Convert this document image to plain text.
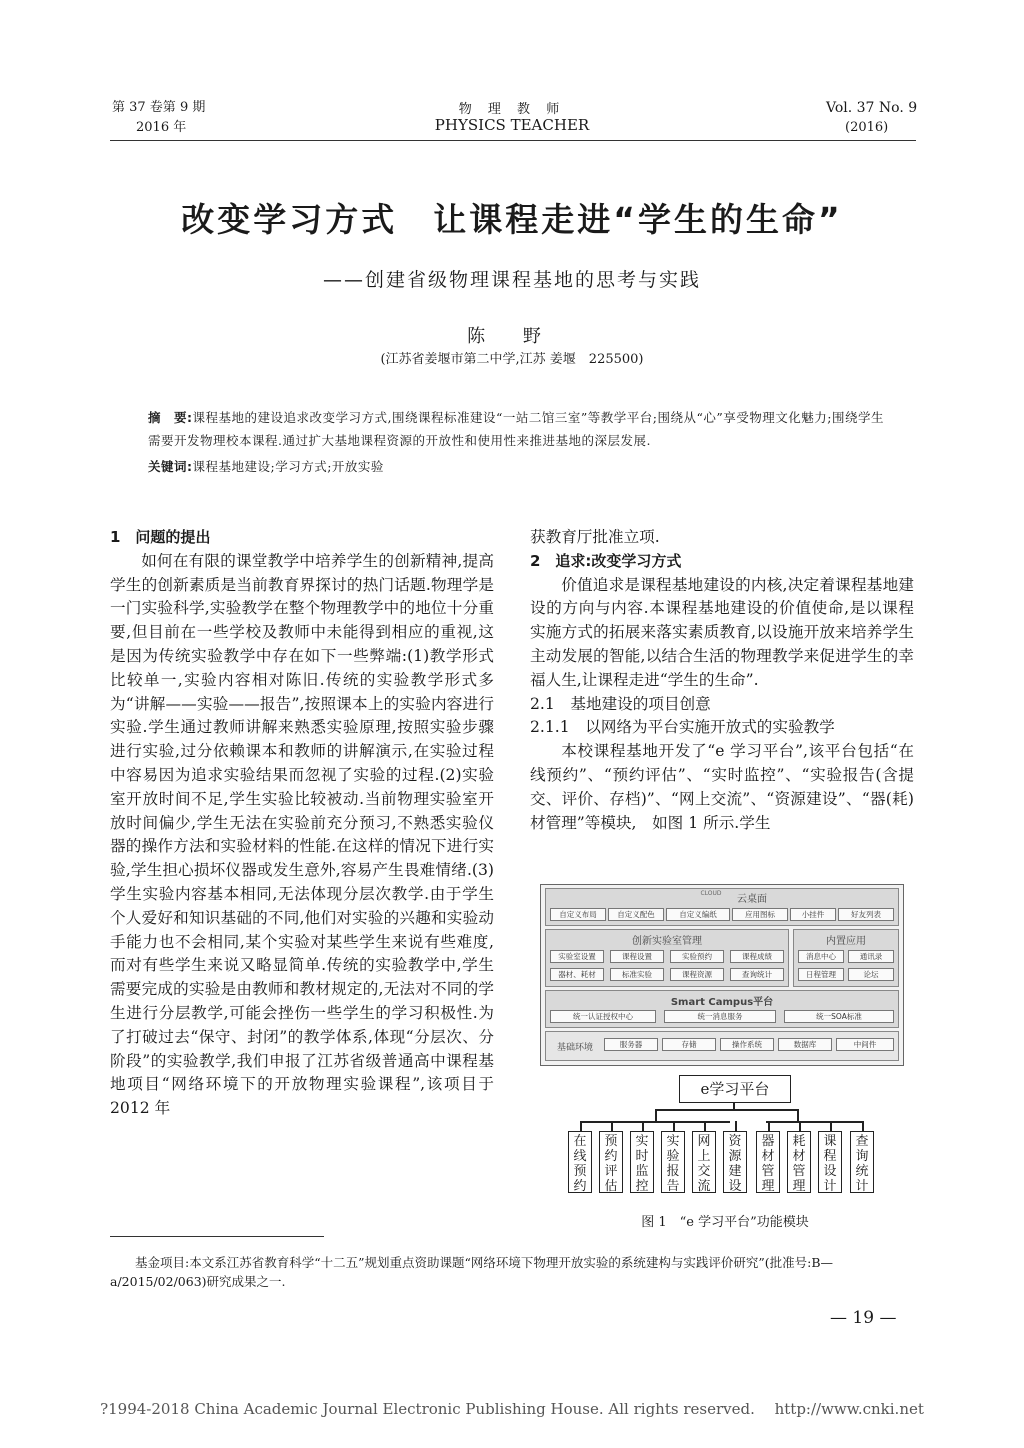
第 37 卷第 9 期
2016 年
物 理 教 师
PHYSICS TEACHER
Vol. 37 No. 9
(2016)
改变学习方式　让课程走进“学生的生命”
——创建省级物理课程基地的思考与实践
陈 野
(江苏省姜堰市第二中学,江苏 姜堰　225500)
摘　要:课程基地的建设追求改变学习方式,围绕课程标准建设“一站二馆三室”等教学平台;围绕从“心”享受物理文化魅力;围绕学生需要开发物理校本课程.通过扩大基地课程资源的开放性和使用性来推进基地的深层发展.
关键词:课程基地建设;学习方式;开放实验

1　问题的提出

如何在有限的课堂教学中培养学生的创新精神,提高学生的创新素质是当前教育界探讨的热门话题.物理学是一门实验科学,实验教学在整个物理教学中的地位十分重要,但目前在一些学校及教师中未能得到相应的重视,这是因为传统实验教学中存在如下一些弊端:(1)教学形式比较单一,实验内容相对陈旧.传统的实验教学形式多为“讲解——实验——报告”,按照课本上的实验内容进行实验.学生通过教师讲解来熟悉实验原理,按照实验步骤进行实验,过分依赖课本和教师的讲解演示,在实验过程中容易因为追求实验结果而忽视了实验的过程.(2)实验室开放时间不足,学生实验比较被动.当前物理实验室开放时间偏少,学生无法在实验前充分预习,不熟悉实验仪器的操作方法和实验材料的性能.在这样的情况下进行实验,学生担心损坏仪器或发生意外,容易产生畏难情绪.(3)学生实验内容基本相同,无法体现分层次教学.由于学生个人爱好和知识基础的不同,他们对实验的兴趣和实验动手能力也不会相同,某个实验对某些学生来说有些难度,而对有些学生来说又略显简单.传统的实验教学中,学生需要完成的实验是由教师和教材规定的,无法对不同的学生进行分层教学,可能会挫伤一些学生的学习积极性.为了打破过去“保守、封闭”的教学体系,体现“分层次、分阶段”的实验教学,我们申报了江苏省级普通高中课程基地项目“网络环境下的开放物理实验课程”,该项目于 2012 年

获教育厅批准立项.

2　追求:改变学习方式

价值追求是课程基地建设的内核,决定着课程基地建设的方向与内容.本课程基地建设的价值使命,是以课程实施方式的拓展来落实素质教育,以设施开放来培养学生主动发展的智能,以结合生活的物理教学来促进学生的幸福人生,让课程走进“学生的生命”.

2.1　基地建设的项目创意

2.1.1　以网络为平台实施开放式的实验教学

本校课程基地开发了“e 学习平台”,该平台包括“在线预约”、“预约评估”、“实时监控”、“实验报告(含提交、评价、存档)”、“网上交流”、“资源建设”、“器(耗)材管理”等模块,　如图 1 所示.学生

CLOUD
云桌面
自定义布局	自定义配色	自定义编纸	应用图标	小挂件	好友列表
创新实验室管理
实验室设置	课程设置	实验预约	课程成绩
器材、耗材	标准实验	课程资源	查询统计
内置应用
消息中心	通讯录
日程管理	论坛
Smart Campus平台
统一认证授权中心	统一消息服务	统一SOA标准
基础环境	服务器	存储	操作系统	数据库	中间件
e学习平台
在线预约
预约评估
实时监控
实验报告
网上交流
资源建设
器材管理
耗材管理
课程设计
查询统计
图 1　“e 学习平台”功能模块
基金项目:本文系江苏省教育科学“十二五”规划重点资助课题“网络环境下物理开放实验的系统建构与实践评价研究”(批准号:B—a/2015/02/063)研究成果之一.
— 19 —
?1994-2018 China Academic Journal Electronic Publishing House. All rights reserved.　 http://www.cnki.net
